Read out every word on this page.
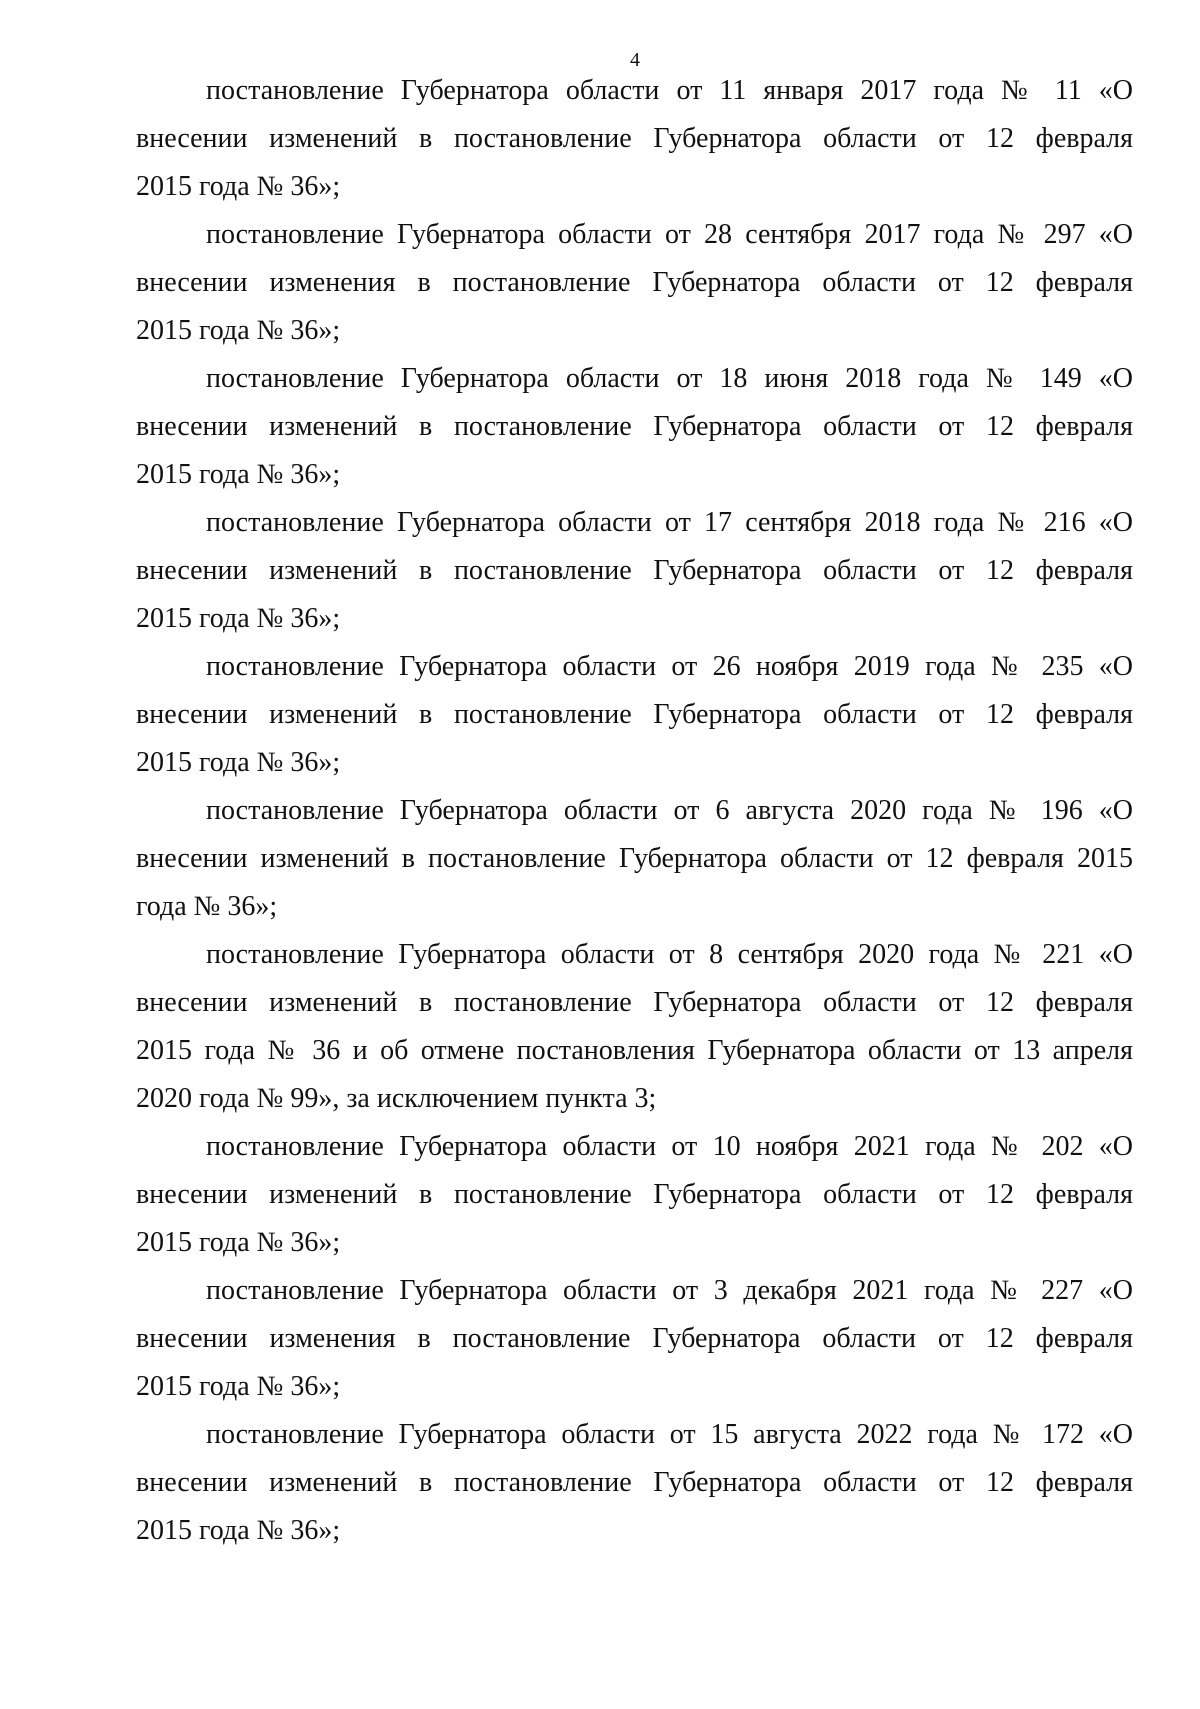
4

постановление Губернатора области от 11 января 2017 года № 11 «О
внесении изменений в постановление Губернатора области от 12 февраля
2015 года № 36»;

постановление Губернатора области от 28 сентября 2017 года № 297 «О
внесении изменения в постановление Губернатора области от 12 февраля
2015 года № 36»;

постановление Губернатора области от 18 июня 2018 года № 149 «О
внесении изменений в постановление Губернатора области от 12 февраля
2015 года № 36»;

постановление Губернатора области от 17 сентября 2018 года № 216 «О
внесении изменений в постановление Губернатора области от 12 февраля
2015 года № 36»;

постановление Губернатора области от 26 ноября 2019 года № 235 «О
внесении изменений в постановление Губернатора области от 12 февраля
2015 года № 36»;

постановление Губернатора области от 6 августа 2020 года № 196 «О
внесении изменений в постановление Губернатора области от 12 февраля 2015
года № 36»;

постановление Губернатора области от 8 сентября 2020 года № 221 «О
внесении изменений в постановление Губернатора области от 12 февраля
2015 года № 36 и об отмене постановления Губернатора области от 13 апреля
2020 года № 99», за исключением пункта 3;

постановление Губернатора области от 10 ноября 2021 года № 202 «О
внесении изменений в постановление Губернатора области от 12 февраля
2015 года № 36»;

постановление Губернатора области от 3 декабря 2021 года № 227 «О
внесении изменения в постановление Губернатора области от 12 февраля
2015 года № 36»;

постановление Губернатора области от 15 августа 2022 года № 172 «О
внесении изменений в постановление Губернатора области от 12 февраля
2015 года № 36»;
